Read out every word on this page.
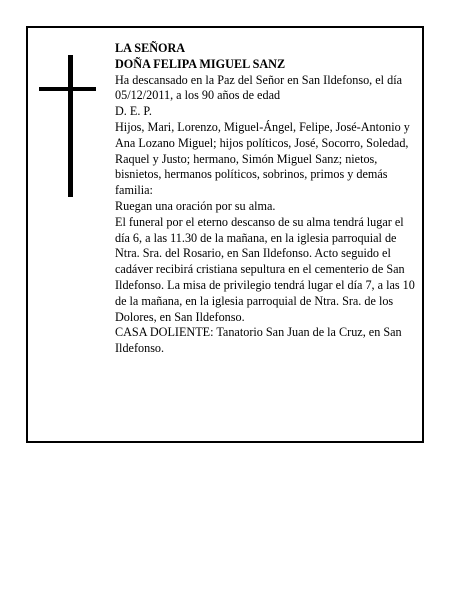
LA SEÑORA

DOÑA FELIPA MIGUEL SANZ

Ha descansado en la Paz del Señor en San Ildefonso, el día 05/12/2011, a los 90 años de edad

D. E. P.

Hijos, Mari, Lorenzo, Miguel-Ángel, Felipe, José-Antonio y Ana Lozano Miguel; hijos políticos, José, Socorro, Soledad, Raquel y Justo; hermano, Simón Miguel Sanz; nietos, bisnietos, hermanos políticos, sobrinos, primos y demás familia:

Ruegan una oración por su alma.

El funeral por el eterno descanso de su alma tendrá lugar el día 6, a las 11.30 de la mañana, en la iglesia parroquial de Ntra. Sra. del Rosario, en San Ildefonso. Acto seguido el cadáver recibirá cristiana sepultura en el cementerio de San Ildefonso. La misa de privilegio tendrá lugar el día 7, a las 10 de la mañana, en la iglesia parroquial de Ntra. Sra. de los Dolores, en San Ildefonso.

CASA DOLIENTE: Tanatorio San Juan de la Cruz, en San Ildefonso.
